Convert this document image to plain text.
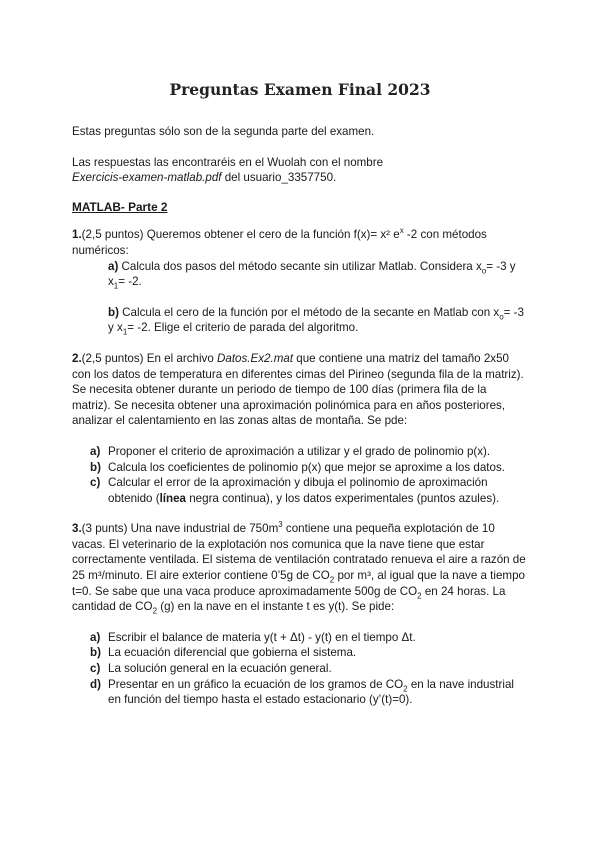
Preguntas Examen Final 2023

Estas preguntas sólo son de la segunda parte del examen.

Las respuestas las encontraréis en el Wuolah con el nombre
Exercicis-examen-matlab.pdf del usuario_3357750.

MATLAB- Parte 2

1.(2,5 puntos) Queremos obtener el cero de la función f(x)= x² $e^x$ -2 con métodos numéricos:

a) Calcula dos pasos del método secante sin utilizar Matlab. Considera $x_o= -3$ y $x_1= -2$.

b) Calcula el cero de la función por el método de la secante en Matlab con $x_o= -3$ y $x_1= -2$. Elige el criterio de parada del algoritmo.

2.(2,5 puntos) En el archivo Datos.Ex2.mat que contiene una matriz del tamaño 2x50 con los datos de temperatura en diferentes cimas del Pirineo (segunda fila de la matriz). Se necesita obtener durante un periodo de tiempo de 100 días (primera fila de la matriz). Se necesita obtener una aproximación polinómica para en años posteriores, analizar el calentamiento en las zonas altas de montaña. Se pde:

a) Proponer el criterio de aproximación a utilizar y el grado de polinomio p(x).
b) Calcula los coeficientes de polinomio p(x) que mejor se aproxime a los datos.
c) Calcular el error de la aproximación y dibuja el polinomio de aproximación obtenido (línea negra continua), y los datos experimentales (puntos azules).

3.(3 punts) Una nave industrial de $750m^3$ contiene una pequeña explotación de 10 vacas. El veterinario de la explotación nos comunica que la nave tiene que estar correctamente ventilada. El sistema de ventilación contratado renueva el aire a razón de 25 m³/minuto. El aire exterior contiene 0’5g de $CO_2$ por m³, al igual que la nave a tiempo t=0. Se sabe que una vaca produce aproximadamente 500g de $CO_2$ en 24 horas. La cantidad de $CO_2$ (g) en la nave en el instante t es y(t). Se pide:

a) Escribir el balance de materia y(t + Δt) - y(t) en el tiempo Δt.
b) La ecuación diferencial que gobierna el sistema.
c) La solución general en la ecuación general.
d) Presentar en un gráfico la ecuación de los gramos de $CO_2$ en la nave industrial en función del tiempo hasta el estado estacionario (y’(t)=0).
